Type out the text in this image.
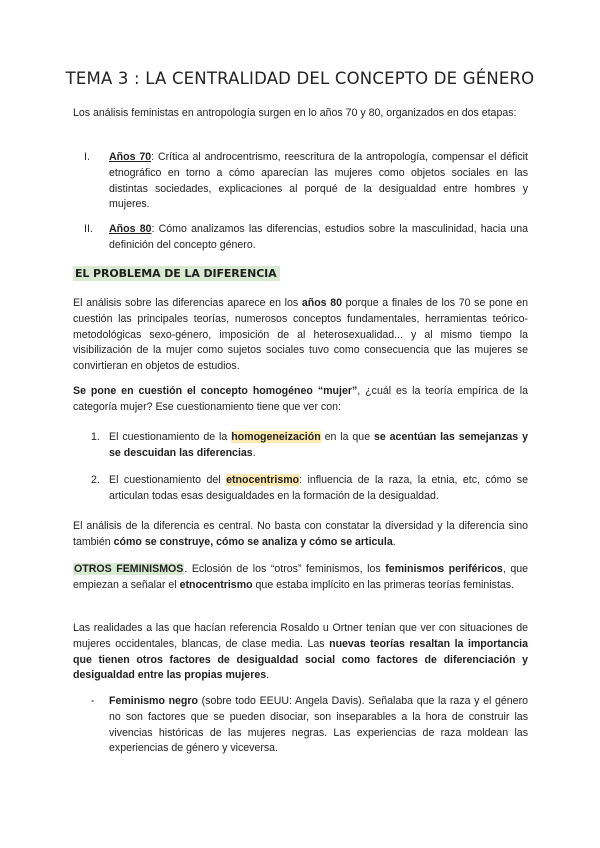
TEMA 3 : LA CENTRALIDAD DEL CONCEPTO DE GÉNERO
Los análisis feministas en antropología surgen en lo años 70 y 80, organizados en dos etapas:
I. Años 70: Crítica al androcentrismo, reescritura de la antropología, compensar el déficit etnográfico en torno a cómo aparecían las mujeres como objetos sociales en las distintas sociedades, explicaciones al porqué de la desigualdad entre hombres y mujeres.
II. Años 80: Cómo analizamos las diferencias, estudios sobre la masculinidad, hacia una definición del concepto género.
EL PROBLEMA DE LA DIFERENCIA
El análisis sobre las diferencias aparece en los años 80 porque a finales de los 70 se pone en cuestión las principales teorías, numerosos conceptos fundamentales, herramientas teórico-metodológicas sexo-género, imposición de al heterosexualidad... y al mismo tiempo la visibilización de la mujer como sujetos sociales tuvo como consecuencia que las mujeres se convirtieran en objetos de estudios.
Se pone en cuestión el concepto homogéneo “mujer”, ¿cuál es la teoría empírica de la categoría mujer? Ese cuestionamiento tiene que ver con:
1. El cuestionamiento de la homogeneización en la que se acentúan las semejanzas y se descuidan las diferencias.
2. El cuestionamiento del etnocentrismo: influencia de la raza, la etnia, etc, cómo se articulan todas esas desigualdades en la formación de la desigualdad.
El análisis de la diferencia es central. No basta con constatar la diversidad y la diferencia sino también cómo se construye, cómo se analiza y cómo se articula.
OTROS FEMINISMOS. Eclosión de los “otros” feminismos, los feminismos periféricos, que empiezan a señalar el etnocentrismo que estaba implícito en las primeras teorías feministas.
Las realidades a las que hacían referencia Rosaldo u Ortner tenían que ver con situaciones de mujeres occidentales, blancas, de clase media. Las nuevas teorías resaltan la importancia que tienen otros factores de desigualdad social como factores de diferenciación y desigualdad entre las propias mujeres.
- Feminismo negro (sobre todo EEUU: Angela Davis). Señalaba que la raza y el género no son factores que se pueden disociar, son inseparables a la hora de construir las vivencias históricas de las mujeres negras. Las experiencias de raza moldean las experiencias de género y viceversa.
